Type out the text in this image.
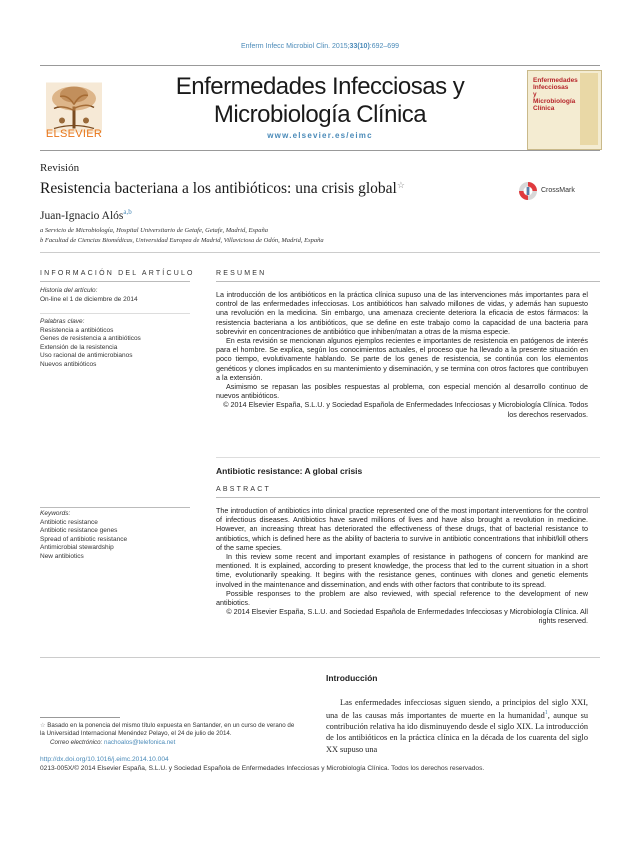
Enferm Infecc Microbiol Clin. 2015;33(10):692–699
ELSEVIER
Enfermedades Infecciosas y
Microbiología Clínica
www.elsevier.es/eimc
Enfermedades Infecciosas y Microbiología Clínica
Revisión
Resistencia bacteriana a los antibióticos: una crisis global☆
CrossMark
Juan-Ignacio Alós$^{a,b}$
a Servicio de Microbiología, Hospital Universitario de Getafe, Getafe, Madrid, España
b Facultad de Ciencias Biomédicas, Universidad Europea de Madrid, Villaviciosa de Odón, Madrid, España
INFORMACIÓN DEL ARTÍCULO
Historia del artículo:
On-line el 1 de diciembre de 2014
Palabras clave:
Resistencia a antibióticos
Genes de resistencia a antibióticos
Extensión de la resistencia
Uso racional de antimicrobianos
Nuevos antibióticos
Keywords:
Antibiotic resistance
Antibiotic resistance genes
Spread of antibiotic resistance
Antimicrobial stewardship
New antibiotics
RESUMEN

La introducción de los antibióticos en la práctica clínica supuso una de las intervenciones más importantes para el control de las enfermedades infecciosas. Los antibióticos han salvado millones de vidas, y además han supuesto una revolución en la medicina. Sin embargo, una amenaza creciente deteriora la eficacia de estos fármacos: la resistencia bacteriana a los antibióticos, que se define en este trabajo como la capacidad de una bacteria para sobrevivir en concentraciones de antibiótico que inhiben/matan a otras de la misma especie.

En esta revisión se mencionan algunos ejemplos recientes e importantes de resistencia en patógenos de interés para el hombre. Se explica, según los conocimientos actuales, el proceso que ha llevado a la presente situación en poco tiempo, evolutivamente hablando. Se parte de los genes de resistencia, se continúa con los elementos genéticos y clones implicados en su mantenimiento y diseminación, y se termina con otros factores que contribuyen a la extensión.

Asimismo se repasan las posibles respuestas al problema, con especial mención al desarrollo continuo de nuevos antibióticos.

© 2014 Elsevier España, S.L.U. y Sociedad Española de Enfermedades Infecciosas y Microbiología Clínica. Todos los derechos reservados.
Antibiotic resistance: A global crisis
ABSTRACT

The introduction of antibiotics into clinical practice represented one of the most important interventions for the control of infectious diseases. Antibiotics have saved millions of lives and have also brought a revolution in medicine. However, an increasing threat has deteriorated the effectiveness of these drugs, that of bacterial resistance to antibiotics, which is defined here as the ability of bacteria to survive in antibiotic concentrations that inhibit/kill others of the same species.

In this review some recent and important examples of resistance in pathogens of concern for mankind are mentioned. It is explained, according to present knowledge, the process that led to the current situation in a short time, evolutionarily speaking. It begins with the resistance genes, continues with clones and genetic elements involved in the maintenance and dissemination, and ends with other factors that contribute to its spread.

Possible responses to the problem are also reviewed, with special reference to the development of new antibiotics.

© 2014 Elsevier España, S.L.U. and Sociedad Española de Enfermedades Infecciosas y Microbiología Clínica. All rights reserved.
Introducción

Las enfermedades infecciosas siguen siendo, a principios del siglo XXI, una de las causas más importantes de muerte en la humanidad$^1$, aunque su contribución relativa ha ido disminuyendo desde el siglo XIX. La introducción de los antibióticos en la práctica clínica en la década de los cuarenta del siglo XX supuso una

☆ Basado en la ponencia del mismo título expuesta en Santander, en un curso de verano de la Universidad Internacional Menéndez Pelayo, el 24 de julio de 2014.
Correo electrónico: nachoalos@telefonica.net
http://dx.doi.org/10.1016/j.eimc.2014.10.004
0213-005X/© 2014 Elsevier España, S.L.U. y Sociedad Española de Enfermedades Infecciosas y Microbiología Clínica. Todos los derechos reservados.
